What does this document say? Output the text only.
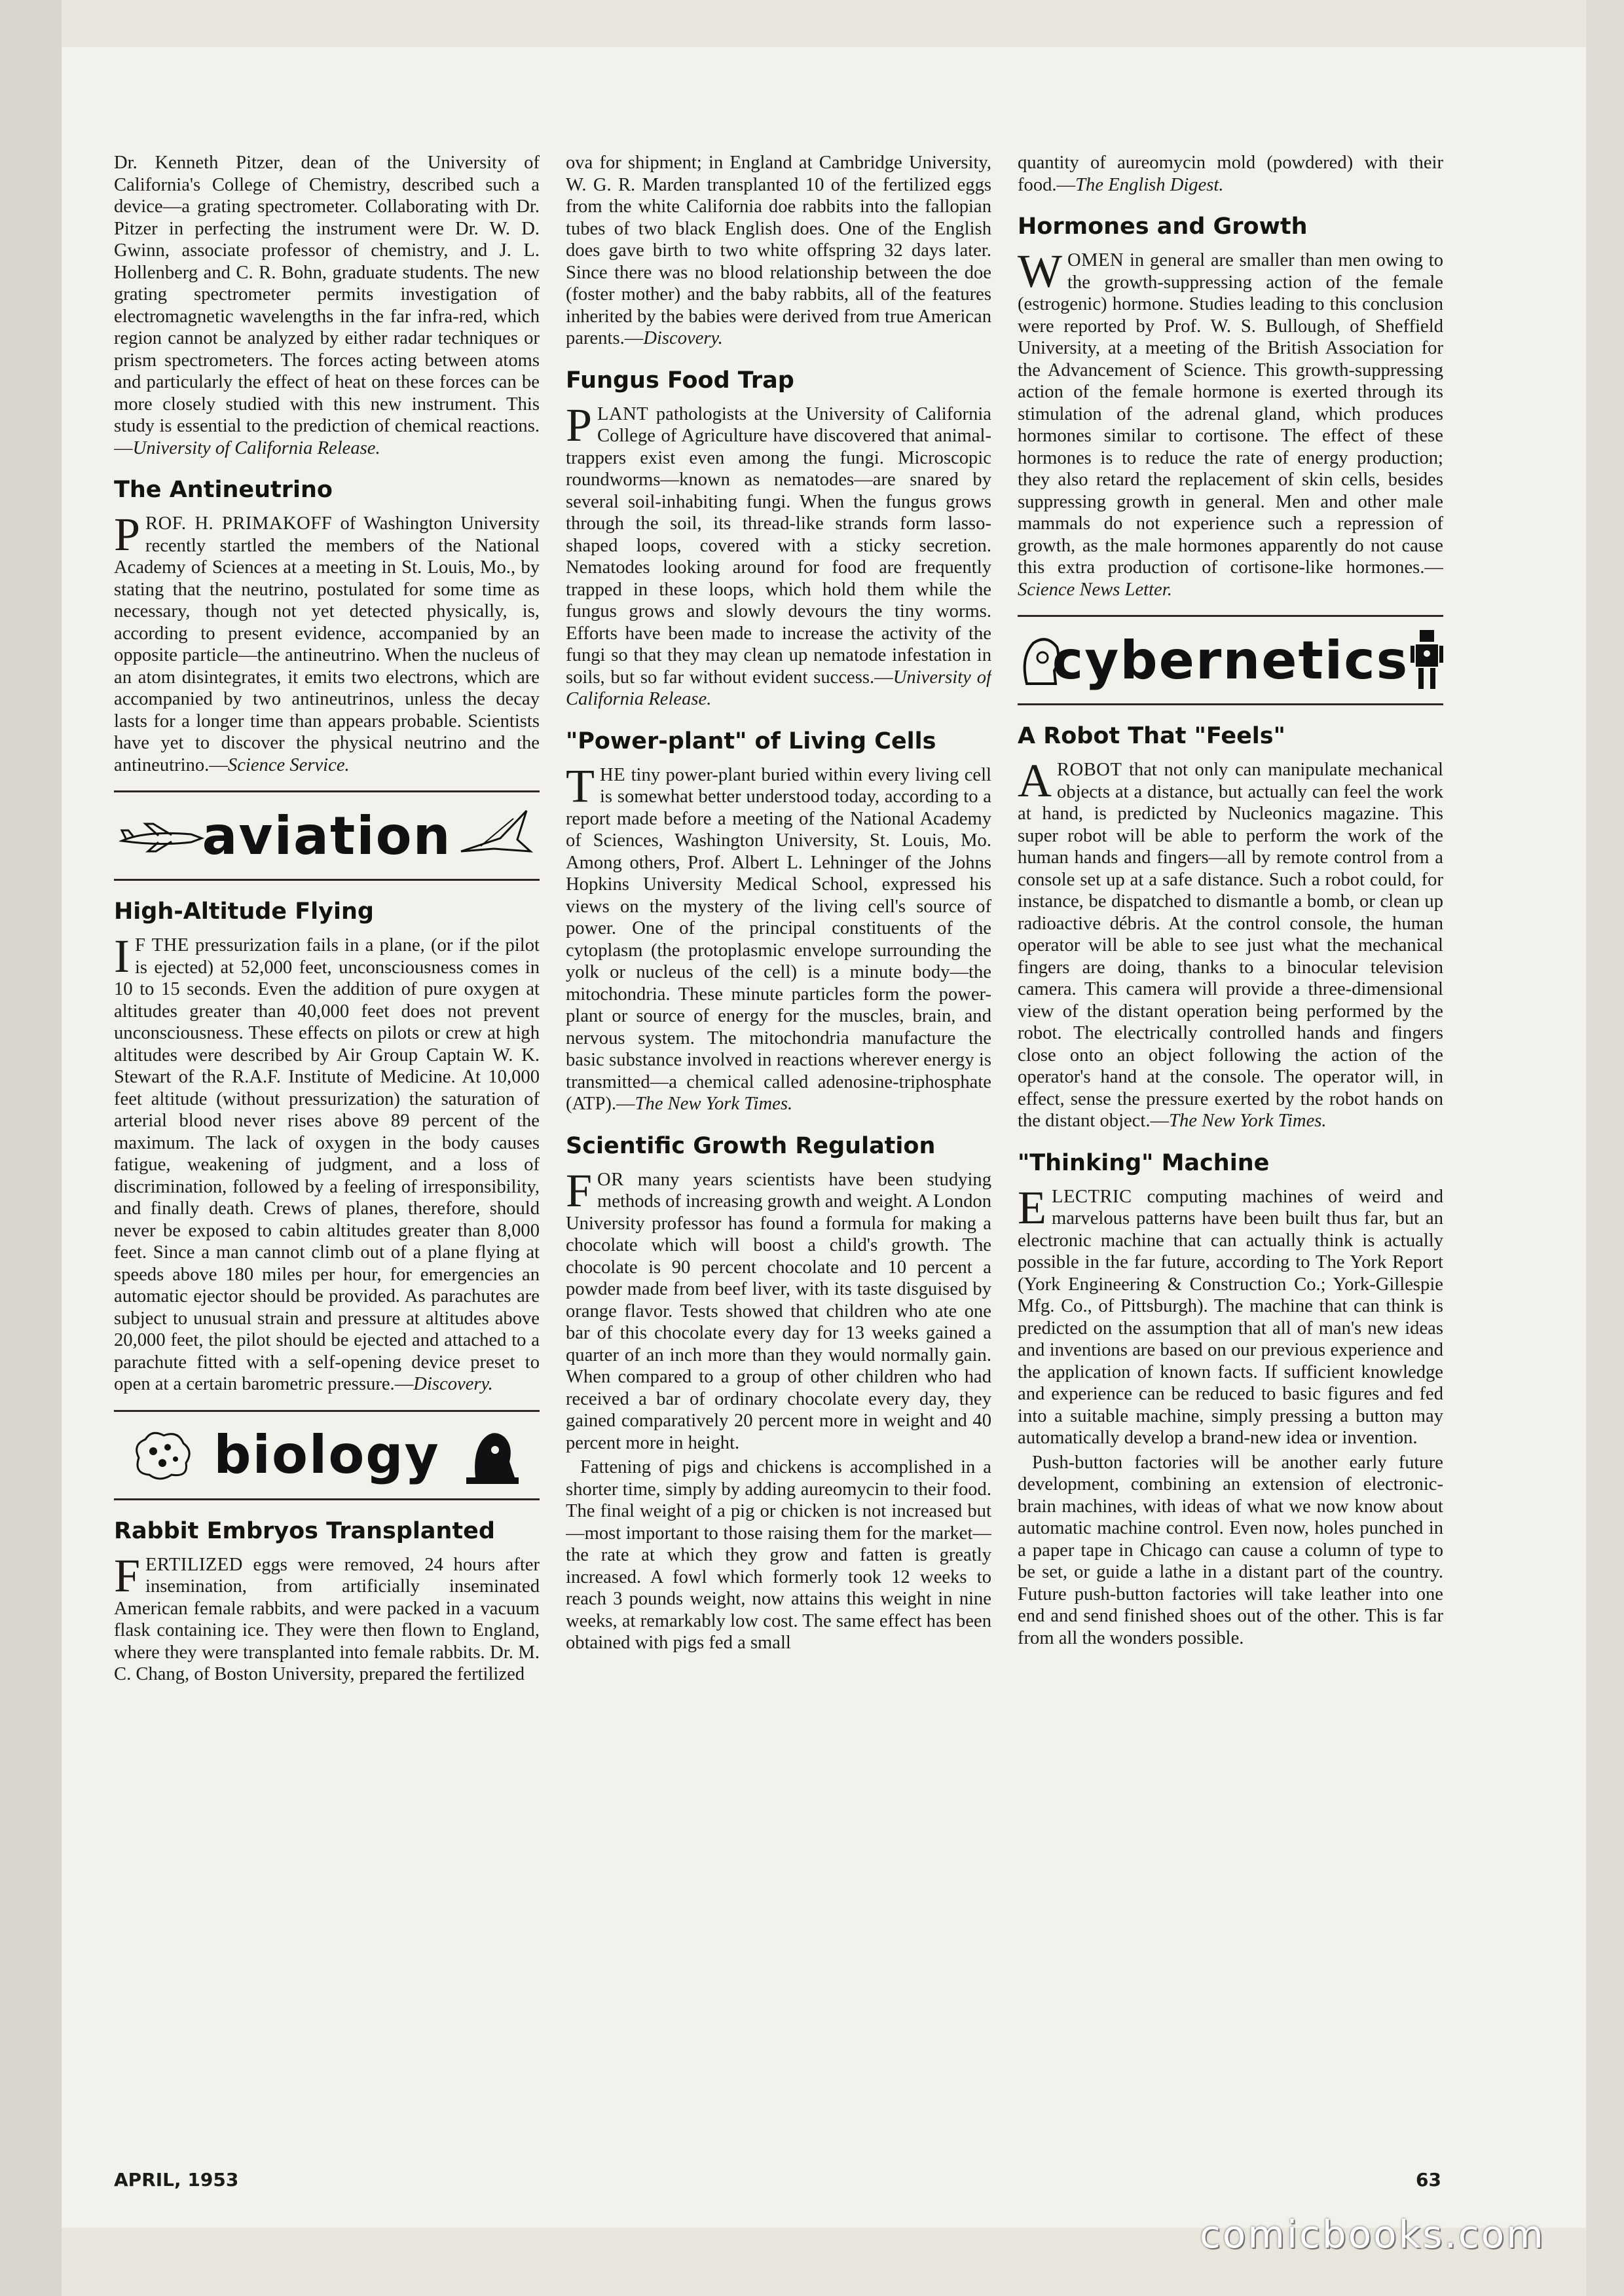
Dr. Kenneth Pitzer, dean of the University of California's College of Chemistry, described such a device—a grating spectrometer. Collaborating with Dr. Pitzer in perfecting the instrument were Dr. W. D. Gwinn, associate professor of chemistry, and J. L. Hollenberg and C. R. Bohn, graduate students. The new grating spectrometer permits investigation of electromagnetic wavelengths in the far infra-red, which region cannot be analyzed by either radar techniques or prism spectrometers. The forces acting between atoms and particularly the effect of heat on these forces can be more closely studied with this new instrument. This study is essential to the prediction of chemical reactions.—University of California Release.

The Antineutrino

PROF. H. PRIMAKOFF of Washington University recently startled the members of the National Academy of Sciences at a meeting in St. Louis, Mo., by stating that the neutrino, postulated for some time as necessary, though not yet detected physically, is, according to present evidence, accompanied by an opposite particle—the antineutrino. When the nucleus of an atom disintegrates, it emits two electrons, which are accompanied by two antineutrinos, unless the decay lasts for a longer time than appears probable. Scientists have yet to discover the physical neutrino and the antineutrino.—Science Service.

aviation
High-Altitude Flying

I F THE pressurization fails in a plane, (or if the pilot is ejected) at 52,000 feet, unconsciousness comes in 10 to 15 seconds. Even the addition of pure oxygen at altitudes greater than 40,000 feet does not prevent unconsciousness. These effects on pilots or crew at high altitudes were described by Air Group Captain W. K. Stewart of the R.A.F. Institute of Medicine. At 10,000 feet altitude (without pressurization) the saturation of arterial blood never rises above 89 percent of the maximum. The lack of oxygen in the body causes fatigue, weakening of judgment, and a loss of discrimination, followed by a feeling of irresponsibility, and finally death. Crews of planes, therefore, should never be exposed to cabin altitudes greater than 8,000 feet. Since a man cannot climb out of a plane flying at speeds above 180 miles per hour, for emergencies an automatic ejector should be provided. As parachutes are subject to unusual strain and pressure at altitudes above 20,000 feet, the pilot should be ejected and attached to a parachute fitted with a self-opening device preset to open at a certain barometric pressure.—Discovery.

biology
Rabbit Embryos Transplanted

FERTILIZED eggs were removed, 24 hours after insemination, from artificially inseminated American female rabbits, and were packed in a vacuum flask containing ice. They were then flown to England, where they were transplanted into female rabbits. Dr. M. C. Chang, of Boston University, prepared the fertilized

ova for shipment; in England at Cambridge University, W. G. R. Marden transplanted 10 of the fertilized eggs from the white California doe rabbits into the fallopian tubes of two black English does. One of the English does gave birth to two white offspring 32 days later. Since there was no blood relationship between the doe (foster mother) and the baby rabbits, all of the features inherited by the babies were derived from true American parents.—Discovery.

Fungus Food Trap

PLANT pathologists at the University of California College of Agriculture have discovered that animal-trappers exist even among the fungi. Microscopic roundworms—known as nematodes—are snared by several soil-inhabiting fungi. When the fungus grows through the soil, its thread-like strands form lasso-shaped loops, covered with a sticky secretion. Nematodes looking around for food are frequently trapped in these loops, which hold them while the fungus grows and slowly devours the tiny worms. Efforts have been made to increase the activity of the fungi so that they may clean up nematode infestation in soils, but so far without evident success.—University of California Release.

"Power-plant" of Living Cells

THE tiny power-plant buried within every living cell is somewhat better understood today, according to a report made before a meeting of the National Academy of Sciences, Washington University, St. Louis, Mo. Among others, Prof. Albert L. Lehninger of the Johns Hopkins University Medical School, expressed his views on the mystery of the living cell's source of power. One of the principal constituents of the cytoplasm (the protoplasmic envelope surrounding the yolk or nucleus of the cell) is a minute body—the mitochondria. These minute particles form the power-plant or source of energy for the muscles, brain, and nervous system. The mitochondria manufacture the basic substance involved in reactions wherever energy is transmitted—a chemical called adenosine-triphosphate (ATP).—The New York Times.

Scientific Growth Regulation

FOR many years scientists have been studying methods of increasing growth and weight. A London University professor has found a formula for making a chocolate which will boost a child's growth. The chocolate is 90 percent chocolate and 10 percent a powder made from beef liver, with its taste disguised by orange flavor. Tests showed that children who ate one bar of this chocolate every day for 13 weeks gained a quarter of an inch more than they would normally gain. When compared to a group of other children who had received a bar of ordinary chocolate every day, they gained comparatively 20 percent more in weight and 40 percent more in height.

Fattening of pigs and chickens is accomplished in a shorter time, simply by adding aureomycin to their food. The final weight of a pig or chicken is not increased but—most important to those raising them for the market—the rate at which they grow and fatten is greatly increased. A fowl which formerly took 12 weeks to reach 3 pounds weight, now attains this weight in nine weeks, at remarkably low cost. The same effect has been obtained with pigs fed a small

quantity of aureomycin mold (powdered) with their food.—The English Digest.

Hormones and Growth

WOMEN in general are smaller than men owing to the growth-suppressing action of the female (estrogenic) hormone. Studies leading to this conclusion were reported by Prof. W. S. Bullough, of Sheffield University, at a meeting of the British Association for the Advancement of Science. This growth-suppressing action of the female hormone is exerted through its stimulation of the adrenal gland, which produces hormones similar to cortisone. The effect of these hormones is to reduce the rate of energy production; they also retard the replacement of skin cells, besides suppressing growth in general. Men and other male mammals do not experience such a repression of growth, as the male hormones apparently do not cause this extra production of cortisone-like hormones.—Science News Letter.

cybernetics
A Robot That "Feels"

A ROBOT that not only can manipulate mechanical objects at a distance, but actually can feel the work at hand, is predicted by Nucleonics magazine. This super robot will be able to perform the work of the human hands and fingers—all by remote control from a console set up at a safe distance. Such a robot could, for instance, be dispatched to dismantle a bomb, or clean up radioactive débris. At the control console, the human operator will be able to see just what the mechanical fingers are doing, thanks to a binocular television camera. This camera will provide a three-dimensional view of the distant operation being performed by the robot. The electrically controlled hands and fingers close onto an object following the action of the operator's hand at the console. The operator will, in effect, sense the pressure exerted by the robot hands on the distant object.—The New York Times.

"Thinking" Machine

ELECTRIC computing machines of weird and marvelous patterns have been built thus far, but an electronic machine that can actually think is actually possible in the far future, according to The York Report (York Engineering & Construction Co.; York-Gillespie Mfg. Co., of Pittsburgh). The machine that can think is predicted on the assumption that all of man's new ideas and inventions are based on our previous experience and the application of known facts. If sufficient knowledge and experience can be reduced to basic figures and fed into a suitable machine, simply pressing a button may automatically develop a brand-new idea or invention.

Push-button factories will be another early future development, combining an extension of electronic-brain machines, with ideas of what we now know about automatic machine control. Even now, holes punched in a paper tape in Chicago can cause a column of type to be set, or guide a lathe in a distant part of the country. Future push-button factories will take leather into one end and send finished shoes out of the other. This is far from all the wonders possible.

APRIL, 1953	63
comicbooks.com
